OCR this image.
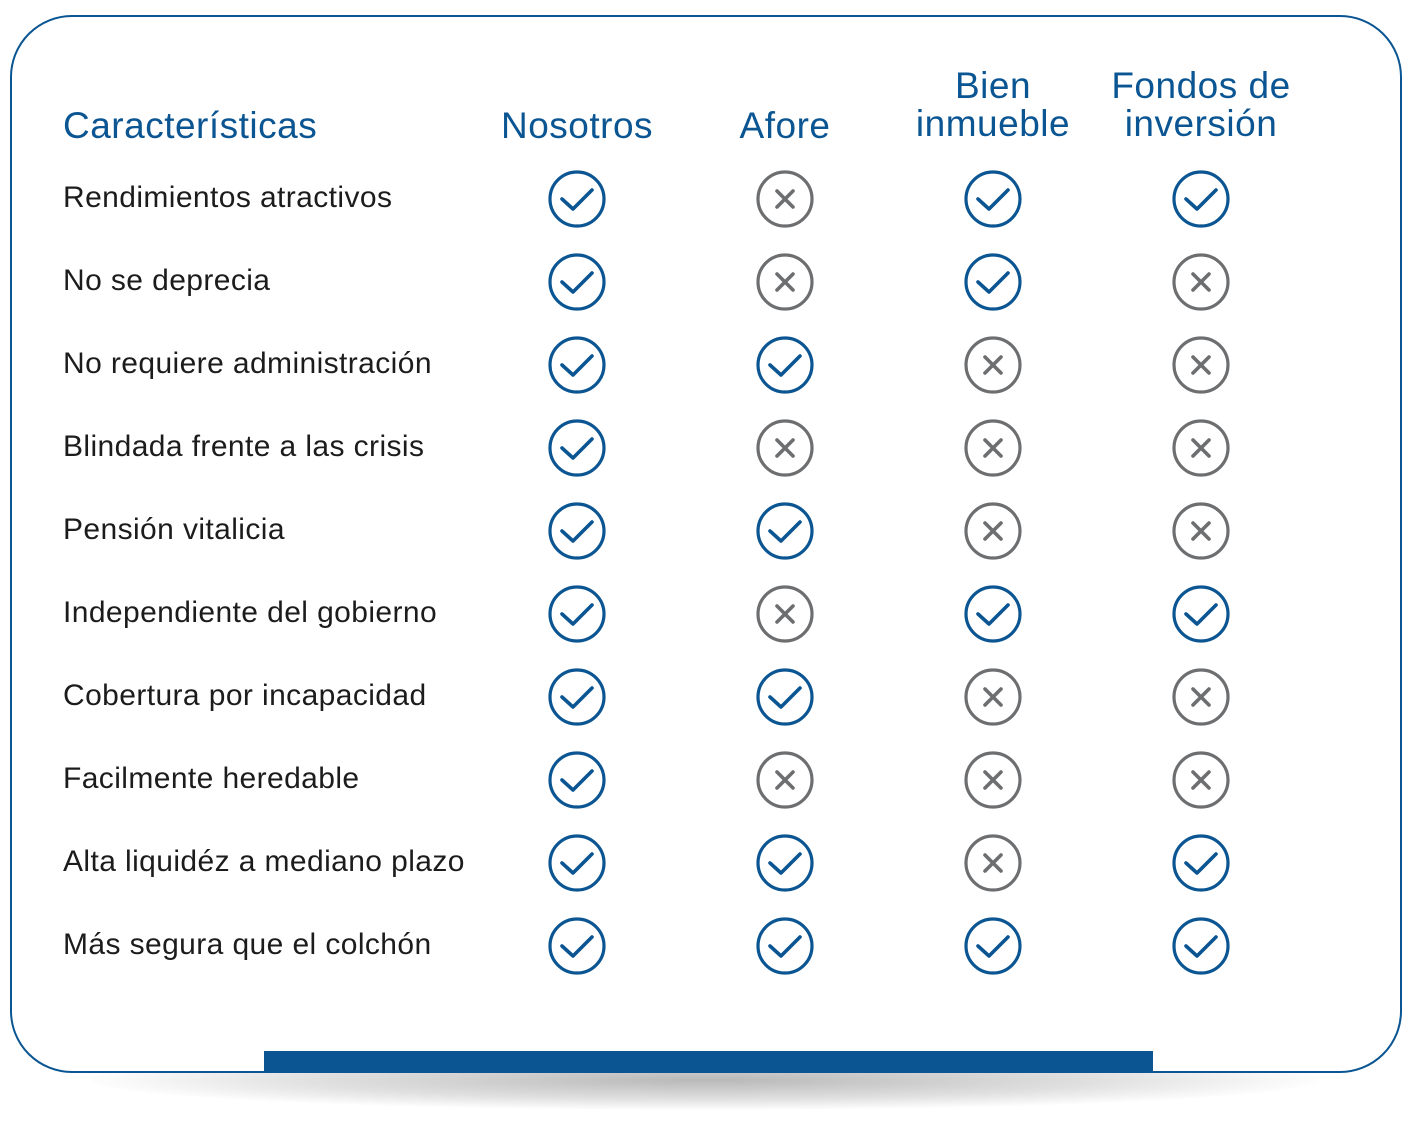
Características	Nosotros	Afore
Bien
inmueble
Fondos de
inversión
Rendimientos atractivos
No se deprecia
No requiere administración
Blindada frente a las crisis
Pensión vitalicia
Independiente del gobierno
Cobertura por incapacidad
Facilmente heredable
Alta liquidéz a mediano plazo
Más segura que el colchón
